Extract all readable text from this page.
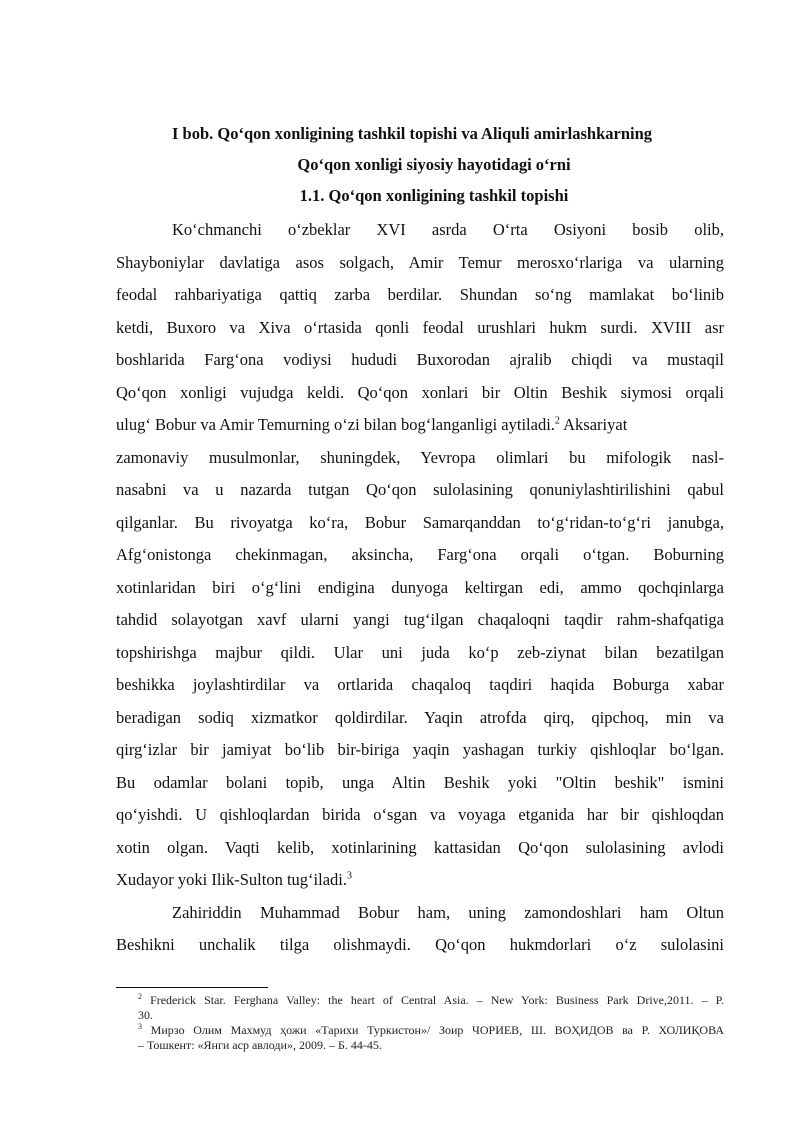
I bob. Qo‘qon xonligining tashkil topishi va Aliquli amirlashkarning
Qo‘qon xonligi siyosiy hayotidagi o‘rni
1.1. Qo‘qon xonligining tashkil topishi
Ko‘chmanchi o‘zbeklar XVI asrda O‘rta Osiyoni bosib olib,
Shayboniylar davlatiga asos solgach, Amir Temur merosxo‘rlariga va ularning
feodal rahbariyatiga qattiq zarba berdilar. Shundan so‘ng mamlakat bo‘linib
ketdi, Buxoro va Xiva o‘rtasida qonli feodal urushlari hukm surdi. XVIII asr
boshlarida Farg‘ona vodiysi hududi Buxorodan ajralib chiqdi va mustaqil
Qo‘qon xonligi vujudga keldi. Qo‘qon xonlari bir Oltin Beshik siymosi orqali
ulug‘ Bobur va Amir Temurning o‘zi bilan bog‘langanligi aytiladi.$^2$ Aksariyat
zamonaviy musulmonlar, shuningdek, Yevropa olimlari bu mifologik nasl-
nasabni va u nazarda tutgan Qo‘qon sulolasining qonuniylashtirilishini qabul
qilganlar. Bu rivoyatga ko‘ra, Bobur Samarqanddan to‘g‘ridan-to‘g‘ri janubga,
Afg‘onistonga chekinmagan, aksincha, Farg‘ona orqali o‘tgan. Boburning
xotinlaridan biri o‘g‘lini endigina dunyoga keltirgan edi, ammo qochqinlarga
tahdid solayotgan xavf ularni yangi tug‘ilgan chaqaloqni taqdir rahm-shafqatiga
topshirishga majbur qildi. Ular uni juda ko‘p zeb-ziynat bilan bezatilgan
beshikka joylashtirdilar va ortlarida chaqaloq taqdiri haqida Boburga xabar
beradigan sodiq xizmatkor qoldirdilar. Yaqin atrofda qirq, qipchoq, min va
qirg‘izlar bir jamiyat bo‘lib bir-biriga yaqin yashagan turkiy qishloqlar bo‘lgan.
Bu odamlar bolani topib, unga Altin Beshik yoki "Oltin beshik" ismini
qo‘yishdi. U qishloqlardan birida o‘sgan va voyaga etganida har bir qishloqdan
xotin olgan. Vaqti kelib, xotinlarining kattasidan Qo‘qon sulolasining avlodi
Xudayor yoki Ilik-Sulton tug‘iladi.$^3$
Zahiriddin Muhammad Bobur ham, uning zamondoshlari ham Oltun
Beshikni unchalik tilga olishmaydi. Qo‘qon hukmdorlari o‘z sulolasini
$^2$ Frederick Star. Ferghana Valley: the heart of Central Asia. – New York: Business Park Drive,2011. – P.
30.
$^3$ Мирзо Олим Махмуд ҳожи «Тарихи Туркистон»/ Зоир ЧОРИЕВ, Ш. ВОҲИДОВ ва Р. ХОЛИҚОВА
– Тошкент: «Янги аср авлоди», 2009. – Б. 44-45.
